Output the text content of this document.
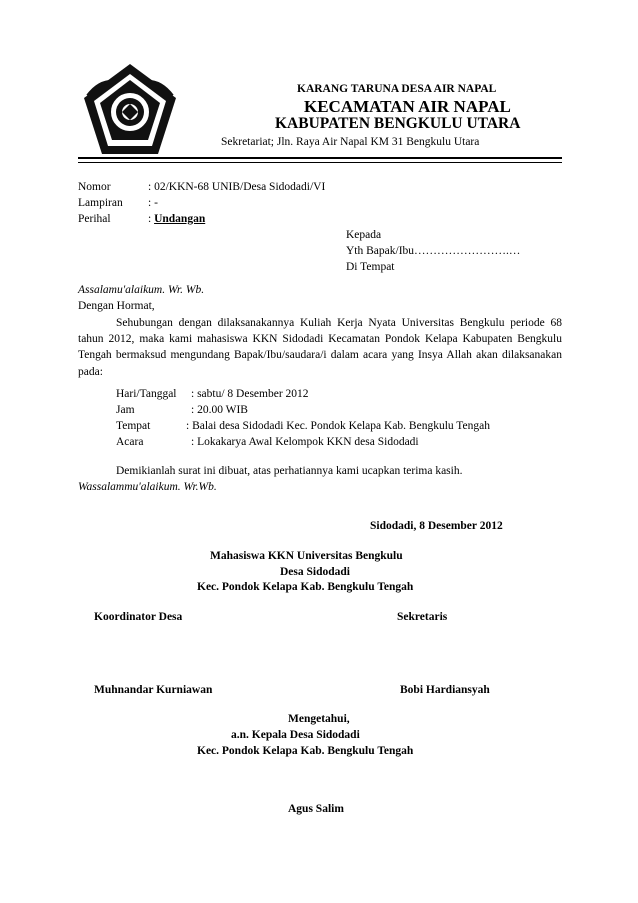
KARANG TARUNA DESA AIR NAPAL
KECAMATAN AIR NAPAL
KABUPATEN BENGKULU UTARA
Sekretariat; Jln. Raya Air Napal KM 31 Bengkulu Utara
Nomor	: 02/KKN-68 UNIB/Desa Sidodadi/VI
Lampiran : -
Perihal	: Undangan
Kepada
Yth Bapak/Ibu…………………….…
Di Tempat
Assalamu'alaikum. Wr. Wb.
Dengan Hormat,
Sehubungan dengan dilaksanakannya Kuliah Kerja Nyata Universitas Bengkulu periode 68 tahun 2012, maka kami mahasiswa KKN Sidodadi Kecamatan Pondok Kelapa Kabupaten Bengkulu Tengah bermaksud mengundang Bapak/Ibu/saudara/i dalam acara yang Insya Allah akan dilaksanakan pada:
Hari/Tanggal : sabtu/ 8 Desember 2012
Jam	: 20.00 WIB
Tempat	: Balai desa Sidodadi Kec. Pondok Kelapa Kab. Bengkulu Tengah
Acara	: Lokakarya Awal Kelompok KKN desa Sidodadi
Demikianlah surat ini dibuat, atas perhatiannya kami ucapkan terima kasih.
Wassalammu'alaikum. Wr.Wb.
Sidodadi, 8 Desember 2012
Mahasiswa KKN Universitas Bengkulu
Desa Sidodadi
Kec. Pondok Kelapa Kab. Bengkulu Tengah
Koordinator Desa	Sekretaris
Muhnandar Kurniawan	Bobi Hardiansyah
Mengetahui,
a.n. Kepala Desa Sidodadi
Kec. Pondok Kelapa Kab. Bengkulu Tengah
Agus Salim
